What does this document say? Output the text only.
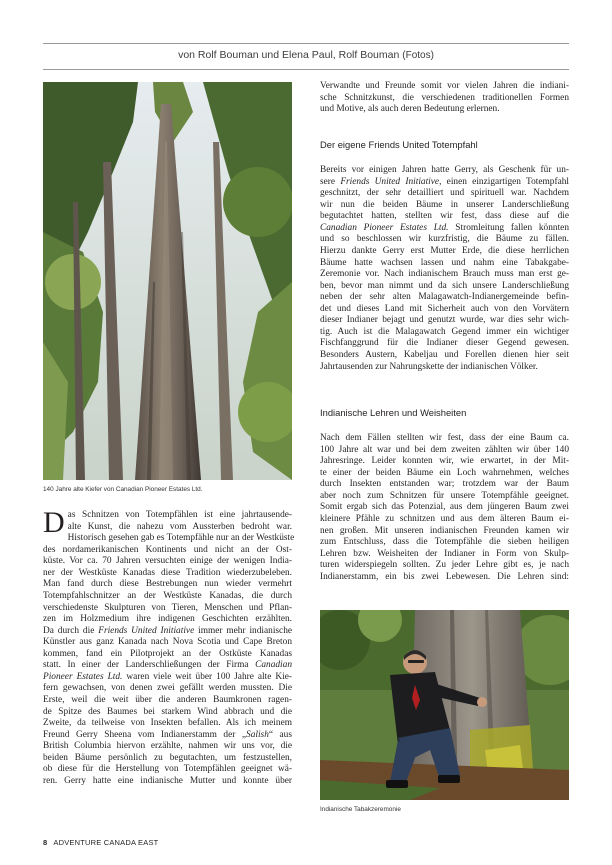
von Rolf Bouman und Elena Paul, Rolf Bouman (Fotos)
140 Jahre alte Kiefer von Canadian Pioneer Estates Ltd.
D as Schnitzen von Totempfählen ist eine jahrtausende-

alte Kunst, die nahezu vom Aussterben bedroht war.

Historisch gesehen gab es Totempfähle nur an der Westküste

des nordamerikanischen Kontinents und nicht an der Ost-

küste. Vor ca. 70 Jahren versuchten einige der wenigen India-

ner der Westküste Kanadas diese Tradition wiederzubeleben.

Man fand durch diese Bestrebungen nun wieder vermehrt

Totempfahlschnitzer an der Westküste Kanadas, die durch

verschiedenste Skulpturen von Tieren, Menschen und Pflan-

zen im Holzmedium ihre indigenen Geschichten erzählten.

Da durch die Friends United Initiative immer mehr indianische

Künstler aus ganz Kanada nach Nova Scotia und Cape Breton

kommen, fand ein Pilotprojekt an der Ostküste Kanadas

statt. In einer der Landerschließungen der Firma Canadian

Pioneer Estates Ltd. waren viele weit über 100 Jahre alte Kie-

fern gewachsen, von denen zwei gefällt werden mussten. Die

Erste, weil die weit über die anderen Baumkronen ragen-

de Spitze des Baumes bei starkem Wind abbrach und die

Zweite, da teilweise von Insekten befallen. Als ich meinem

Freund Gerry Sheena vom Indianerstamm der „Salish“ aus

British Columbia hiervon erzählte, nahmen wir uns vor, die

beiden Bäume persönlich zu begutachten, um festzustellen,

ob diese für die Herstellung von Totempfählen geeignet wä-

ren. Gerry hatte eine indianische Mutter und konnte über

Verwandte und Freunde somit vor vielen Jahren die indiani-

sche Schnitzkunst, die verschiedenen traditionellen Formen

und Motive, als auch deren Bedeutung erlernen.

Der eigene Friends United Totempfahl

Bereits vor einigen Jahren hatte Gerry, als Geschenk für un-

sere Friends United Initiative, einen einzigartigen Totempfahl

geschnitzt, der sehr detailliert und spirituell war. Nachdem

wir nun die beiden Bäume in unserer Landerschließung

begutachtet hatten, stellten wir fest, dass diese auf die

Canadian Pioneer Estates Ltd. Stromleitung fallen könnten

und so beschlossen wir kurzfristig, die Bäume zu fällen.

Hierzu dankte Gerry erst Mutter Erde, die diese herrlichen

Bäume hatte wachsen lassen und nahm eine Tabakgabe-

Zeremonie vor. Nach indianischem Brauch muss man erst ge-

ben, bevor man nimmt und da sich unsere Landerschließung

neben der sehr alten Malagawatch-Indianergemeinde befin-

det und dieses Land mit Sicherheit auch von den Vorvätern

dieser Indianer bejagt und genutzt wurde, war dies sehr wich-

tig. Auch ist die Malagawatch Gegend immer ein wichtiger

Fischfanggrund für die Indianer dieser Gegend gewesen.

Besonders Austern, Kabeljau und Forellen dienen hier seit

Jahrtausenden zur Nahrungskette der indianischen Völker.

Indianische Lehren und Weisheiten

Nach dem Fällen stellten wir fest, dass der eine Baum ca.

100 Jahre alt war und bei dem zweiten zählten wir über 140

Jahresringe. Leider konnten wir, wie erwartet, in der Mit-

te einer der beiden Bäume ein Loch wahrnehmen, welches

durch Insekten entstanden war; trotzdem war der Baum

aber noch zum Schnitzen für unsere Totempfähle geeignet.

Somit ergab sich das Potenzial, aus dem jüngeren Baum zwei

kleinere Pfähle zu schnitzen und aus dem älteren Baum ei-

nen großen. Mit unseren indianischen Freunden kamen wir

zum Entschluss, dass die Totempfähle die sieben heiligen

Lehren bzw. Weisheiten der Indianer in Form von Skulp-

turen widerspiegeln sollten. Zu jeder Lehre gibt es, je nach

Indianerstamm, ein bis zwei Lebewesen. Die Lehren sind:

Indianische Tabakzeremonie
8 ADVENTURE CANADA EAST
